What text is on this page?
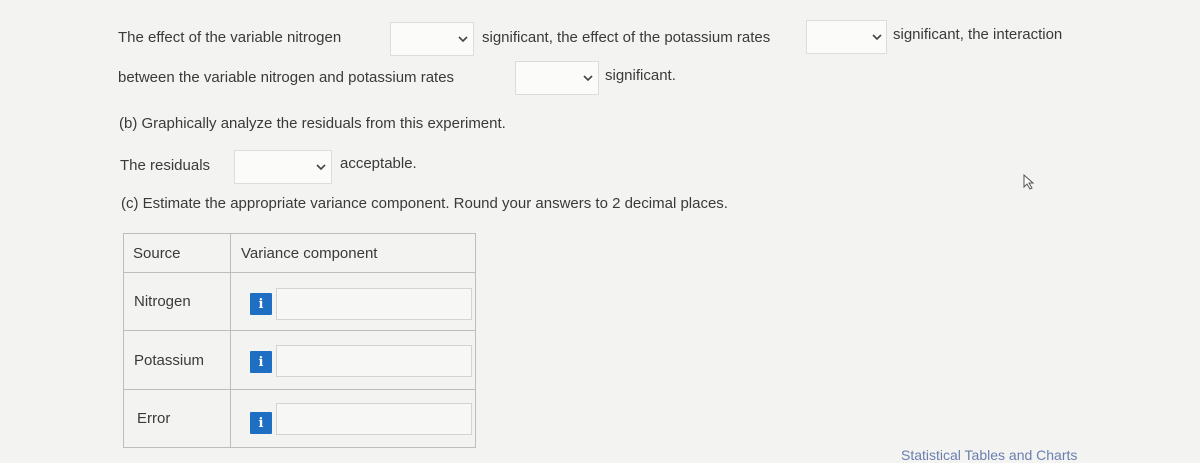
The effect of the variable nitrogen	significant, the effect of the potassium rates	significant, the interaction
between the variable nitrogen and potassium rates	significant.
(b) Graphically analyze the residuals from this experiment.
The residuals	acceptable.
(c) Estimate the appropriate variance component. Round your answers to 2 decimal places.
Source	Variance component
Nitrogen	i

Potassium	i

Error	i
Statistical Tables and Charts
